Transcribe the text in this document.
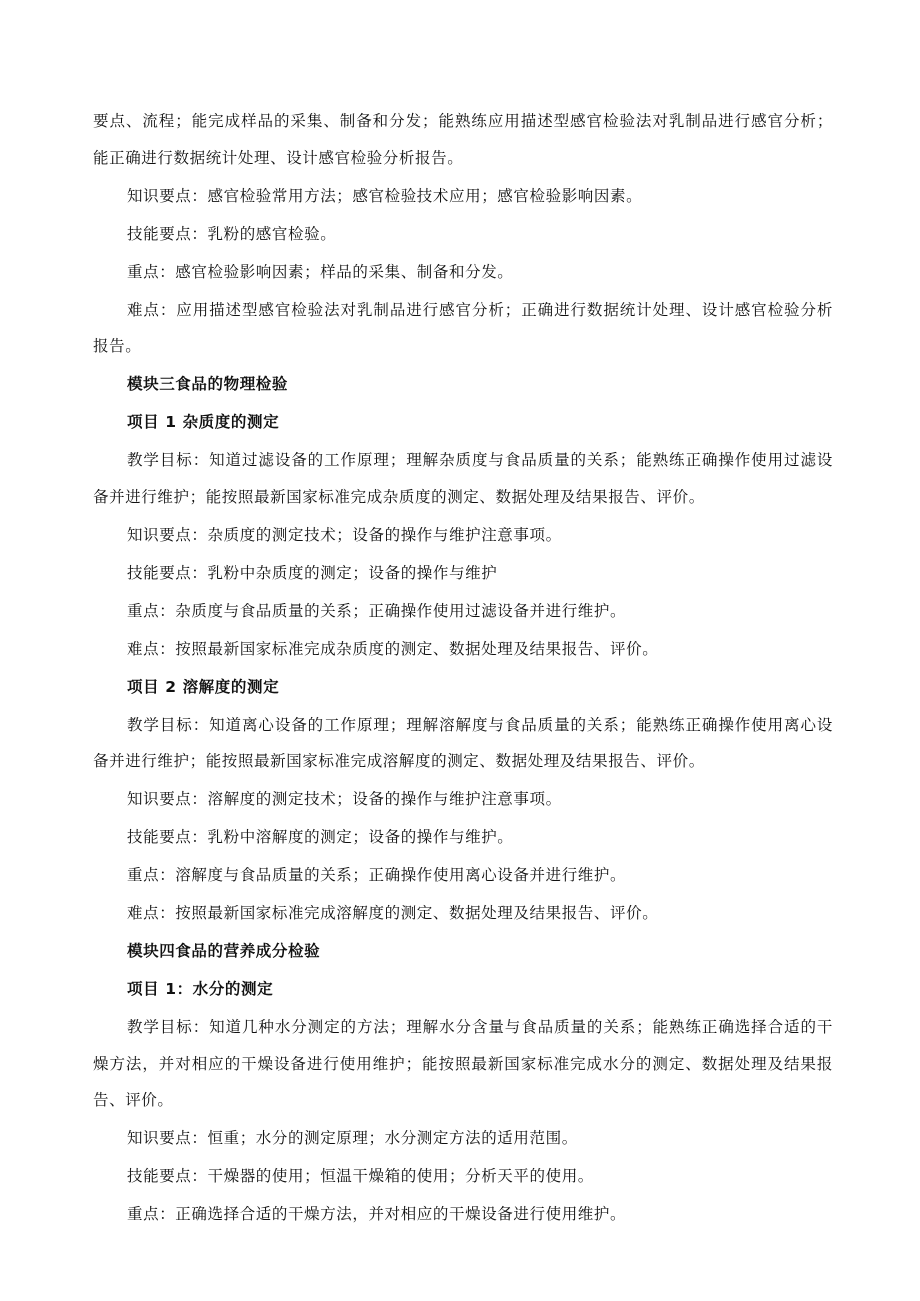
要点、流程；能完成样品的采集、制备和分发；能熟练应用描述型感官检验法对乳制品进行感官分析；能正确进行数据统计处理、设计感官检验分析报告。

知识要点：感官检验常用方法；感官检验技术应用；感官检验影响因素。

技能要点：乳粉的感官检验。

重点：感官检验影响因素；样品的采集、制备和分发。

难点：应用描述型感官检验法对乳制品进行感官分析；正确进行数据统计处理、设计感官检验分析报告。

模块三食品的物理检验
项目 1 杂质度的测定

教学目标：知道过滤设备的工作原理；理解杂质度与食品质量的关系；能熟练正确操作使用过滤设备并进行维护；能按照最新国家标准完成杂质度的测定、数据处理及结果报告、评价。

知识要点：杂质度的测定技术；设备的操作与维护注意事项。

技能要点：乳粉中杂质度的测定；设备的操作与维护

重点：杂质度与食品质量的关系；正确操作使用过滤设备并进行维护。

难点：按照最新国家标准完成杂质度的测定、数据处理及结果报告、评价。

项目 2 溶解度的测定

教学目标：知道离心设备的工作原理；理解溶解度与食品质量的关系；能熟练正确操作使用离心设备并进行维护；能按照最新国家标准完成溶解度的测定、数据处理及结果报告、评价。

知识要点：溶解度的测定技术；设备的操作与维护注意事项。

技能要点：乳粉中溶解度的测定；设备的操作与维护。

重点：溶解度与食品质量的关系；正确操作使用离心设备并进行维护。

难点：按照最新国家标准完成溶解度的测定、数据处理及结果报告、评价。

模块四食品的营养成分检验
项目 1：水分的测定

教学目标：知道几种水分测定的方法；理解水分含量与食品质量的关系；能熟练正确选择合适的干燥方法，并对相应的干燥设备进行使用维护；能按照最新国家标准完成水分的测定、数据处理及结果报告、评价。

知识要点：恒重；水分的测定原理；水分测定方法的适用范围。

技能要点：干燥器的使用；恒温干燥箱的使用；分析天平的使用。

重点：正确选择合适的干燥方法，并对相应的干燥设备进行使用维护。
